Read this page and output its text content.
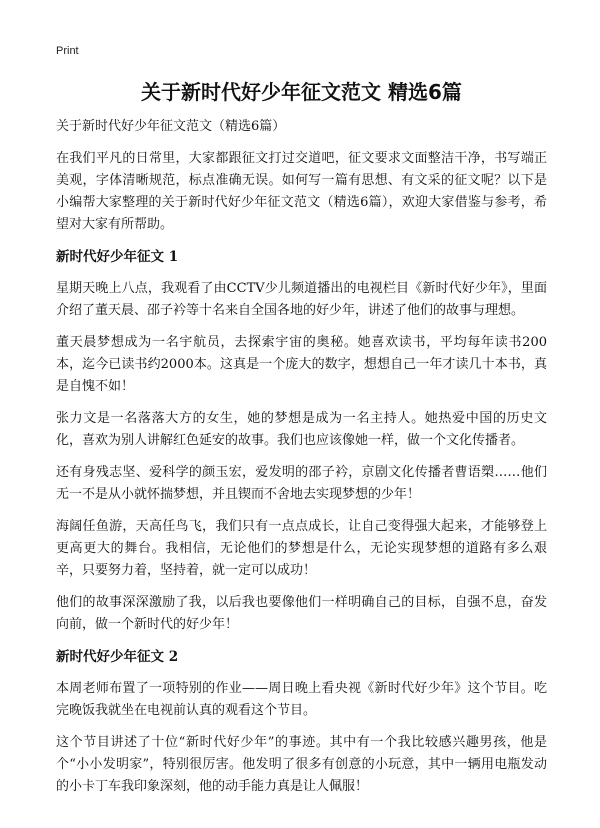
Print
关于新时代好少年征文范文 精选6篇

关于新时代好少年征文范文（精选6篇）

在我们平凡的日常里，大家都跟征文打过交道吧，征文要求文面整洁干净，书写端正美观，字体清晰规范，标点准确无误。如何写一篇有思想、有文采的征文呢？以下是小编帮大家整理的关于新时代好少年征文范文（精选6篇），欢迎大家借鉴与参考，希望对大家有所帮助。

新时代好少年征文 1

星期天晚上八点，我观看了由CCTV少儿频道播出的电视栏目《新时代好少年》，里面介绍了董天晨、邵子衿等十名来自全国各地的好少年，讲述了他们的故事与理想。

董天晨梦想成为一名宇航员，去探索宇宙的奥秘。她喜欢读书，平均每年读书200本，迄今已读书约2000本。这真是一个庞大的数字，想想自己一年才读几十本书，真是自愧不如！

张力文是一名落落大方的女生，她的梦想是成为一名主持人。她热爱中国的历史文化，喜欢为别人讲解红色延安的故事。我们也应该像她一样，做一个文化传播者。

还有身残志坚、爱科学的颜玉宏，爱发明的邵子衿，京剧文化传播者曹语槊……他们无一不是从小就怀揣梦想，并且锲而不舍地去实现梦想的少年！

海阔任鱼游，天高任鸟飞，我们只有一点点成长，让自己变得强大起来，才能够登上更高更大的舞台。我相信，无论他们的梦想是什么，无论实现梦想的道路有多么艰辛，只要努力着，坚持着，就一定可以成功！

他们的故事深深激励了我，以后我也要像他们一样明确自己的目标，自强不息，奋发向前，做一个新时代的好少年！

新时代好少年征文 2

本周老师布置了一项特别的作业——周日晚上看央视《新时代好少年》这个节目。吃完晚饭我就坐在电视前认真的观看这个节目。

这个节目讲述了十位“新时代好少年”的事迹。其中有一个我比较感兴趣男孩，他是个“小小发明家”，特别很厉害。他发明了很多有创意的小玩意，其中一辆用电瓶发动的小卡丁车我印象深刻，他的动手能力真是让人佩服！
